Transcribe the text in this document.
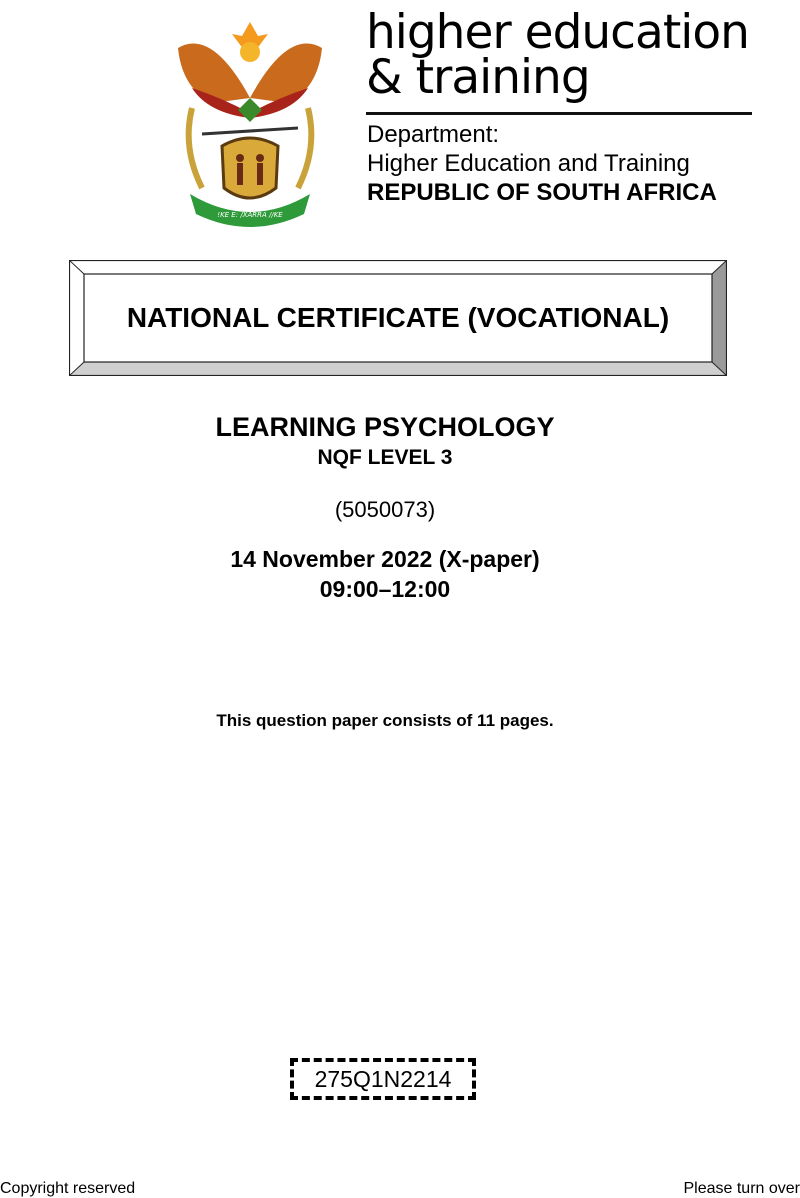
!KE E: /XARRA //KE
higher education
& training
Department:
Higher Education and Training
REPUBLIC OF SOUTH AFRICA
NATIONAL CERTIFICATE (VOCATIONAL)
LEARNING PSYCHOLOGY
NQF LEVEL 3
(5050073)
14 November 2022 (X-paper)
09:00–12:00
This question paper consists of 11 pages.
275Q1N2214
Copyright reserved	Please turn over
